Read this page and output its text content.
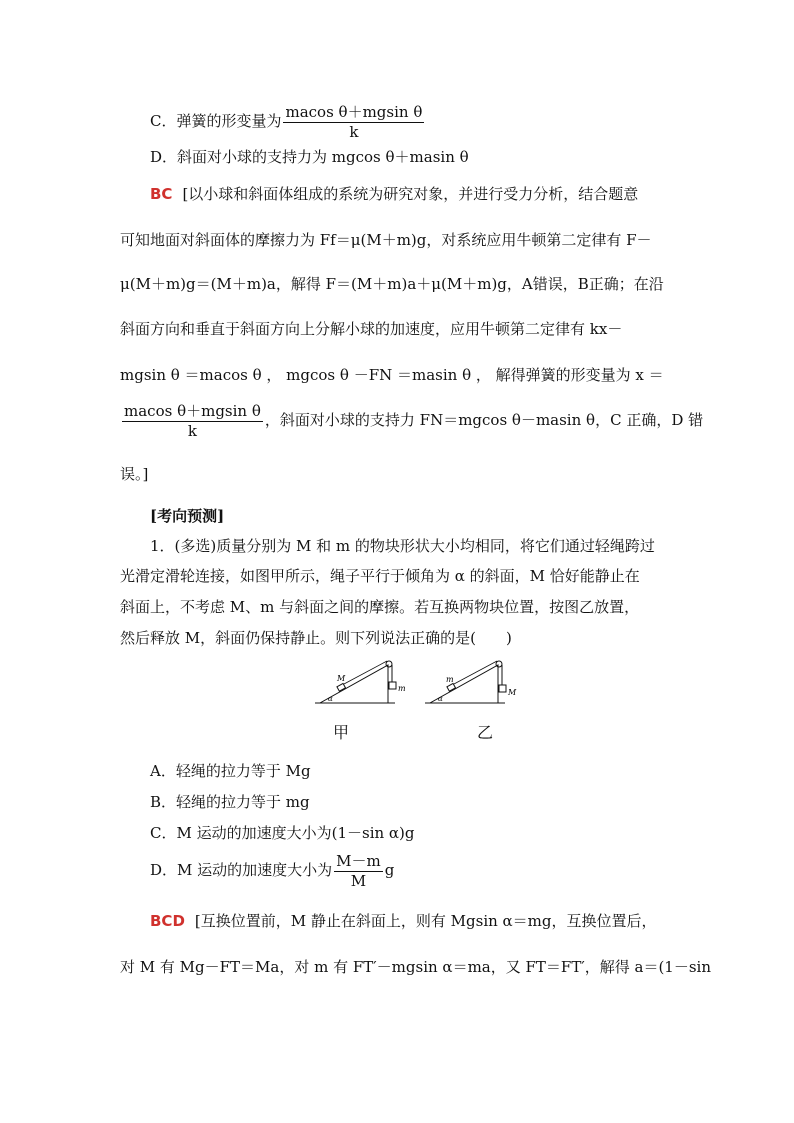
C．弹簧的形变量为 $\frac{\text{macos θ＋mgsin θ}}{k}$
D．斜面对小球的支持力为 mgcos θ＋masin θ
BC [以小球和斜面体组成的系统为研究对象，并进行受力分析，结合题意
可知地面对斜面体的摩擦力为 Ff＝μ(M＋m)g，对系统应用牛顿第二定律有 F－
μ(M＋m)g＝(M＋m)a，解得 F＝(M＋m)a＋μ(M＋m)g，A错误，B正确；在沿
斜面方向和垂直于斜面方向上分解小球的加速度，应用牛顿第二定律有 kx－
mgsin θ ＝macos θ ， mgcos θ －FN ＝masin θ ， 解得弹簧的形变量为 x ＝
$\frac{\text{macos θ＋mgsin θ}}{k}$ ，斜面对小球的支持力 FN＝mgcos θ－masin θ，C 正确，D 错
误。]
[考向预测]
1．(多选)质量分别为 M 和 m 的物块形状大小均相同，将它们通过轻绳跨过
光滑定滑轮连接，如图甲所示，绳子平行于倾角为 α 的斜面，M 恰好能静止在
斜面上，不考虑 M、m 与斜面之间的摩擦。若互换两物块位置，按图乙放置，
然后释放 M，斜面仍保持静止。则下列说法正确的是(　　)
M
m
α
m
M
α
甲	乙
A．轻绳的拉力等于 Mg
B．轻绳的拉力等于 mg
C．M 运动的加速度大小为(1－sin α)g
D．M 运动的加速度大小为 $\frac{M-m}{M}$ g
BCD [互换位置前，M 静止在斜面上，则有 Mgsin α＝mg，互换位置后，
对 M 有 Mg－FT＝Ma，对 m 有 FT′－mgsin α＝ma，又 FT＝FT′，解得 a＝(1－sin
